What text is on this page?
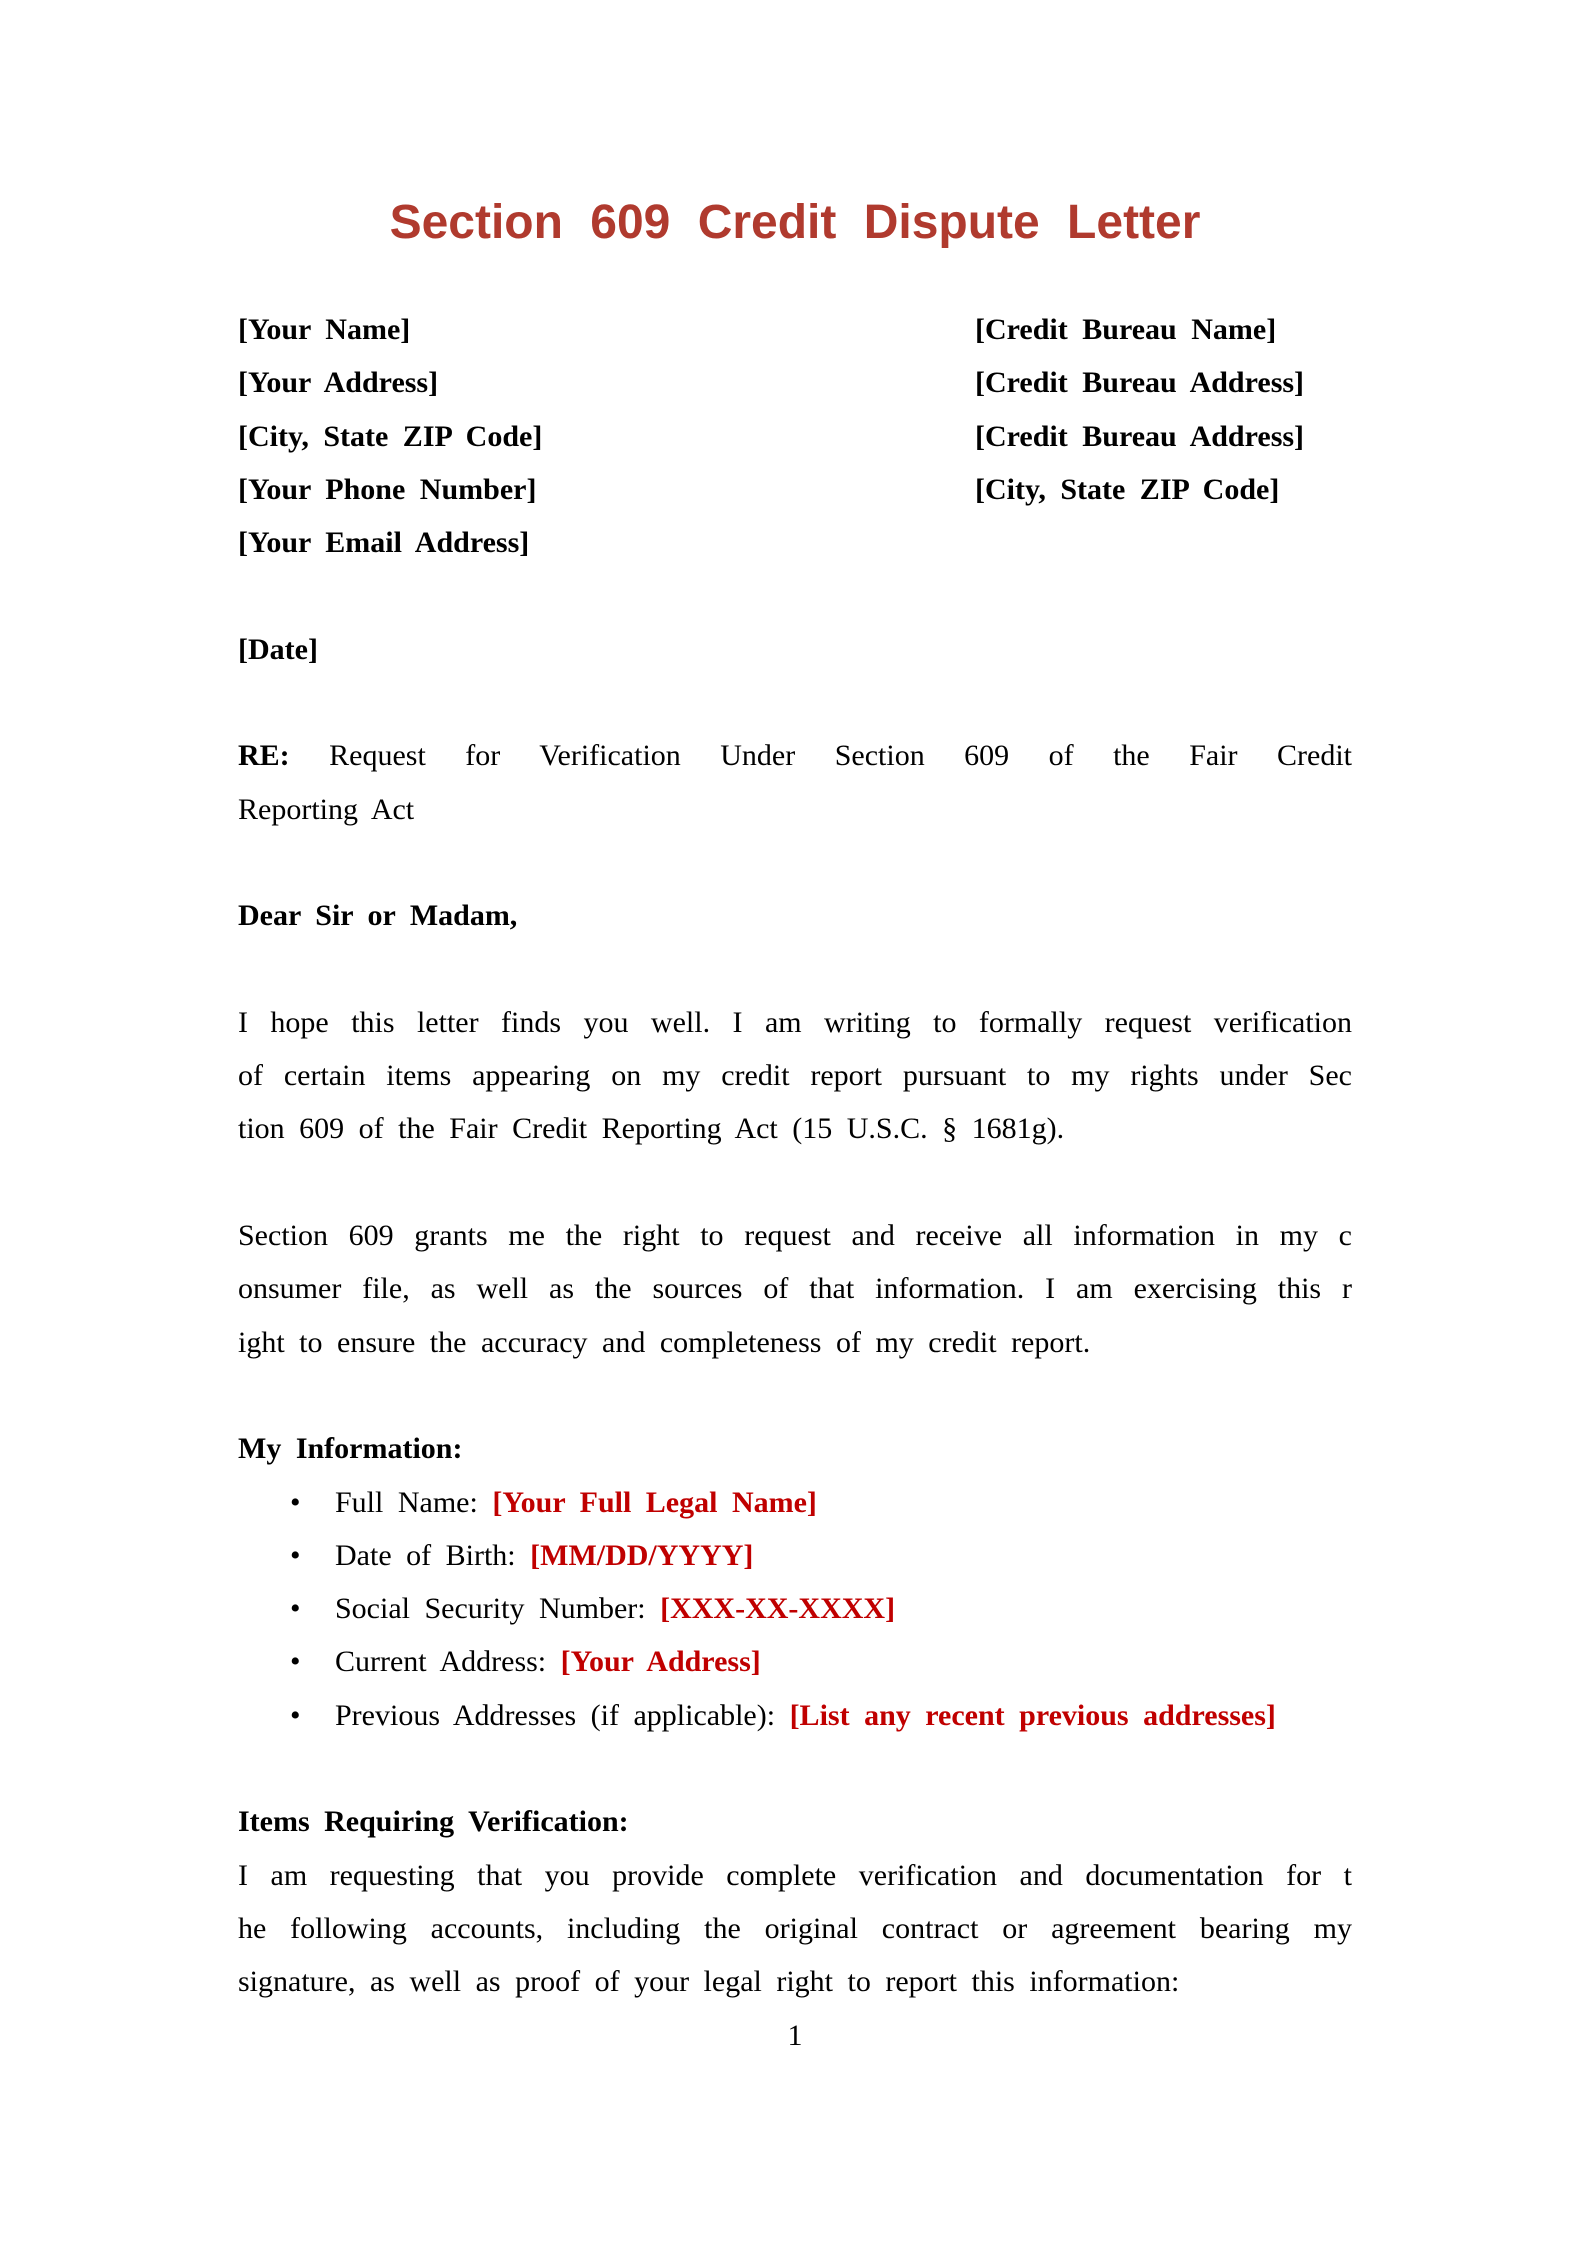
Section 609 Credit Dispute Letter
[Your Name]
[Your Address]
[City, State ZIP Code]
[Your Phone Number]
[Your Email Address]
[Credit Bureau Name]
[Credit Bureau Address]
[Credit Bureau Address]
[City, State ZIP Code]
[Date]
RE: Request for Verification Under Section 609 of the Fair Credit
Reporting Act
Dear Sir or Madam,
I hope this letter finds you well. I am writing to formally request verification
of certain items appearing on my credit report pursuant to my rights under Sec
tion 609 of the Fair Credit Reporting Act (15 U.S.C. § 1681g).
Section 609 grants me the right to request and receive all information in my c
onsumer file, as well as the sources of that information. I am exercising this r
ight to ensure the accuracy and completeness of my credit report.
My Information:
• Full Name: [Your Full Legal Name]
• Date of Birth: [MM/DD/YYYY]
• Social Security Number: [XXX-XX-XXXX]
• Current Address: [Your Address]
• Previous Addresses (if applicable): [List any recent previous addresses]
Items Requiring Verification:
I am requesting that you provide complete verification and documentation for t
he following accounts, including the original contract or agreement bearing my
signature, as well as proof of your legal right to report this information:
1
